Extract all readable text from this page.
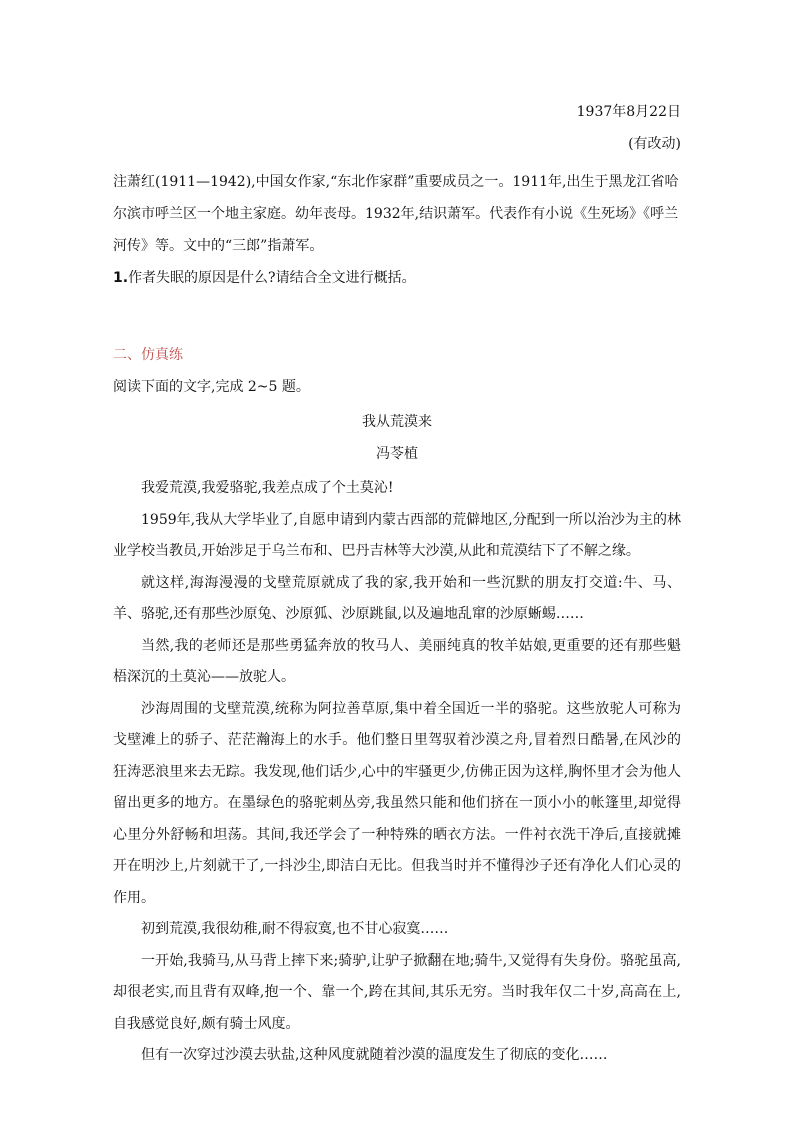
1937年8月22日
(有改动)
注萧红(1911—1942),中国女作家,“东北作家群”重要成员之一。1911年,出生于黑龙江省哈
尔滨市呼兰区一个地主家庭。幼年丧母。1932年,结识萧军。代表作有小说《生死场》《呼兰
河传》等。文中的“三郎”指萧军。
1.作者失眠的原因是什么?请结合全文进行概括。
二、仿真练
阅读下面的文字,完成 2~5 题。
我从荒漠来
冯苓植

我爱荒漠,我爱骆驼,我差点成了个土莫沁!

1959年,我从大学毕业了,自愿申请到内蒙古西部的荒僻地区,分配到一所以治沙为主的林业学校当教员,开始涉足于乌兰布和、巴丹吉林等大沙漠,从此和荒漠结下了不解之缘。

就这样,海海漫漫的戈壁荒原就成了我的家,我开始和一些沉默的朋友打交道:牛、马、羊、骆驼,还有那些沙原兔、沙原狐、沙原跳鼠,以及遍地乱窜的沙原蜥蜴……

当然,我的老师还是那些勇猛奔放的牧马人、美丽纯真的牧羊姑娘,更重要的还有那些魁梧深沉的土莫沁——放驼人。

沙海周围的戈壁荒漠,统称为阿拉善草原,集中着全国近一半的骆驼。这些放驼人可称为戈壁滩上的骄子、茫茫瀚海上的水手。他们整日里驾驭着沙漠之舟,冒着烈日酷暑,在风沙的狂涛恶浪里来去无踪。我发现,他们话少,心中的牢骚更少,仿佛正因为这样,胸怀里才会为他人留出更多的地方。在墨绿色的骆驼刺丛旁,我虽然只能和他们挤在一顶小小的帐篷里,却觉得心里分外舒畅和坦荡。其间,我还学会了一种特殊的晒衣方法。一件衬衣洗干净后,直接就摊开在明沙上,片刻就干了,一抖沙尘,即洁白无比。但我当时并不懂得沙子还有净化人们心灵的作用。

初到荒漠,我很幼稚,耐不得寂寞,也不甘心寂寞……

一开始,我骑马,从马背上摔下来;骑驴,让驴子掀翻在地;骑牛,又觉得有失身份。骆驼虽高,却很老实,而且背有双峰,抱一个、靠一个,跨在其间,其乐无穷。当时我年仅二十岁,高高在上,自我感觉良好,颇有骑士风度。

但有一次穿过沙漠去驮盐,这种风度就随着沙漠的温度发生了彻底的变化……
